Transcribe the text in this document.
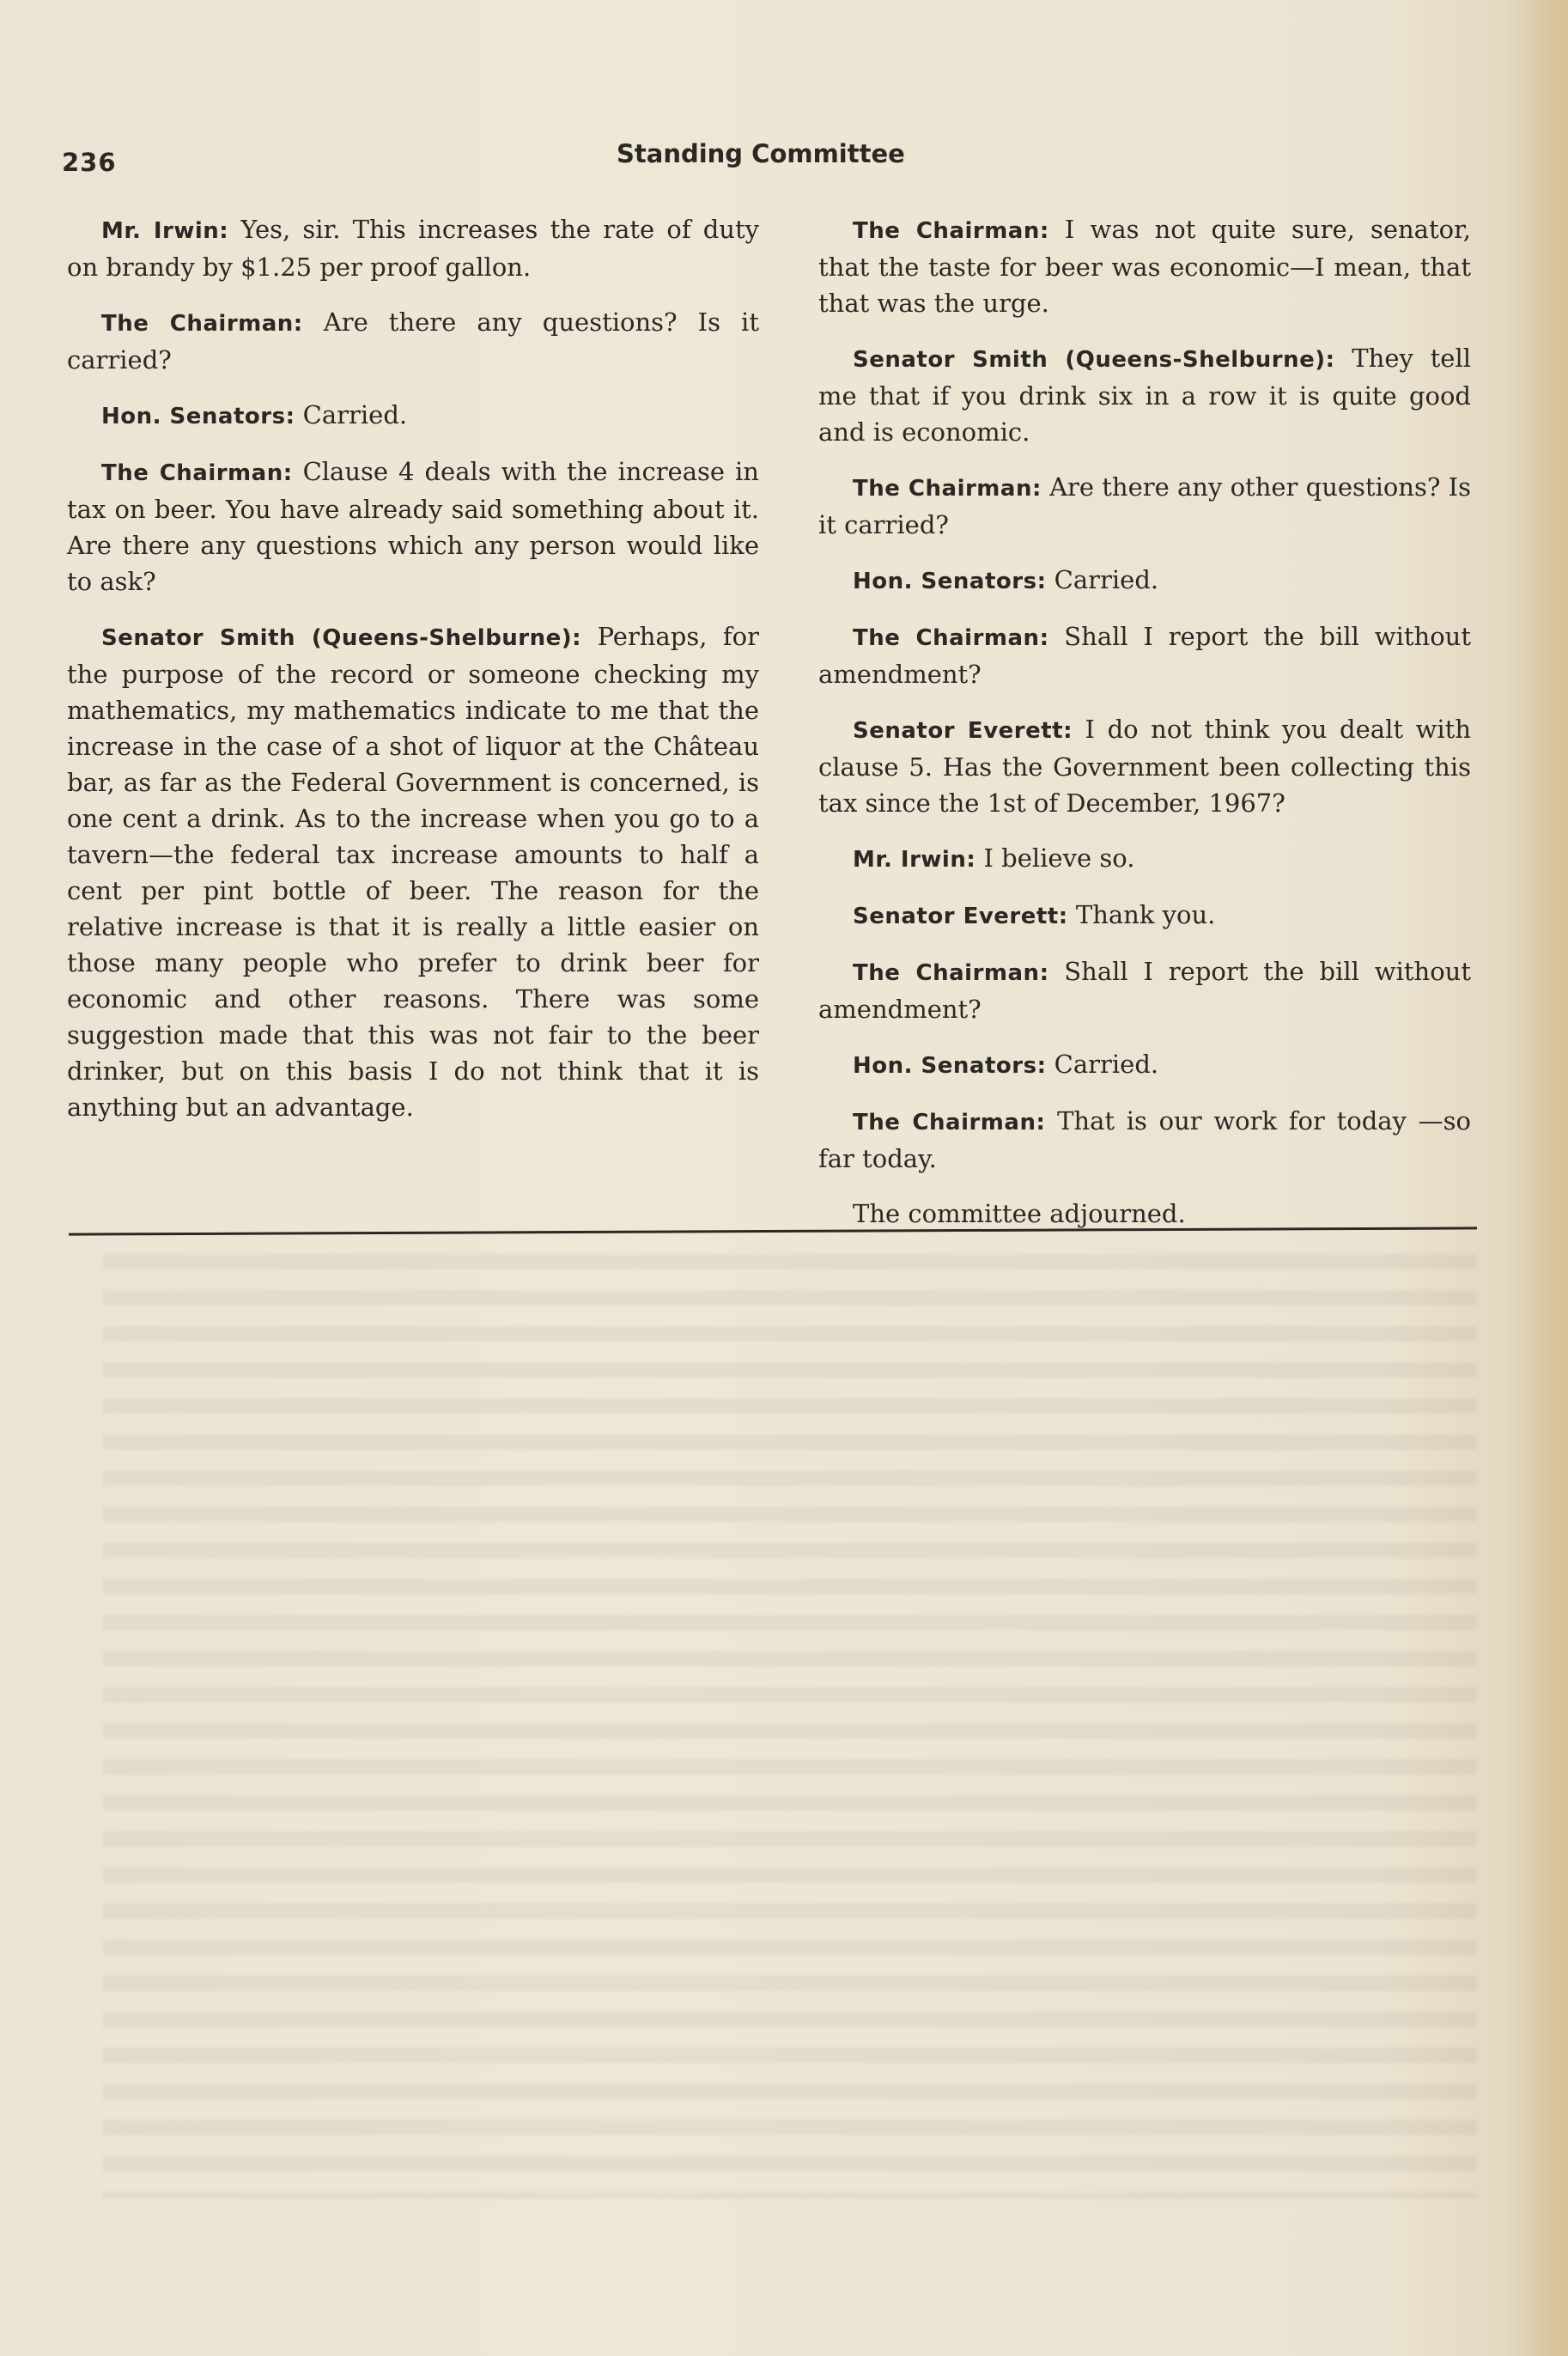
236	Standing Committee

Mr. Irwin: Yes, sir. This increases the rate of duty on brandy by $1.25 per proof gallon.

The Chairman: Are there any questions? Is it carried?

Hon. Senators: Carried.

The Chairman: Clause 4 deals with the increase in tax on beer. You have already said something about it. Are there any questions which any person would like to ask?

Senator Smith (Queens-Shelburne): Perhaps, for the purpose of the record or someone checking my mathematics, my mathematics indicate to me that the increase in the case of a shot of liquor at the Château bar, as far as the Federal Government is concerned, is one cent a drink. As to the increase when you go to a tavern—the federal tax increase amounts to half a cent per pint bottle of beer. The reason for the relative increase is that it is really a little easier on those many people who prefer to drink beer for economic and other reasons. There was some suggestion made that this was not fair to the beer drinker, but on this basis I do not think that it is anything but an advantage.

The Chairman: I was not quite sure, senator, that the taste for beer was economic—I mean, that that was the urge.

Senator Smith (Queens-Shelburne): They tell me that if you drink six in a row it is quite good and is economic.

The Chairman: Are there any other questions? Is it carried?

Hon. Senators: Carried.

The Chairman: Shall I report the bill without amendment?

Senator Everett: I do not think you dealt with clause 5. Has the Government been collecting this tax since the 1st of December, 1967?

Mr. Irwin: I believe so.

Senator Everett: Thank you.

The Chairman: Shall I report the bill without amendment?

Hon. Senators: Carried.

The Chairman: That is our work for today —so far today.

The committee adjourned.
